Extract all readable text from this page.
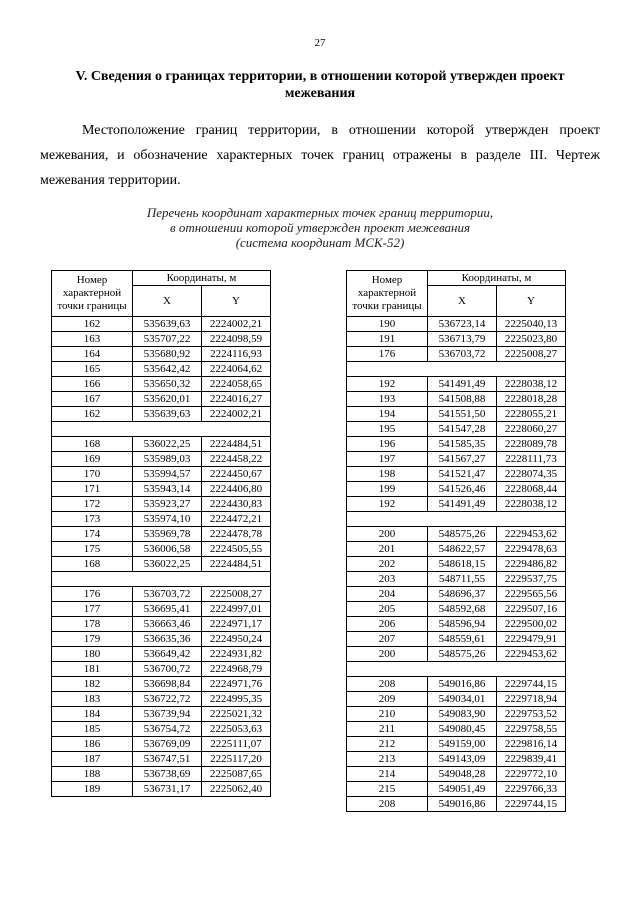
27
V. Сведения о границах территории, в отношении которой утвержден проект межевания
Местоположение границ территории, в отношении которой утвержден проект межевания, и обозначение характерных точек границ отражены в разделе III. Чертеж межевания территории.
Перечень координат характерных точек границ территории,
в отношении которой утвержден проект межевания
(система координат МСК-52)
Номер характерной точки границы	Координаты, м	
	X	Y
162	535639,63	2224002,21
163	535707,22	2224098,59
164	535680,92	2224116,93
165	535642,42	2224064,62
166	535650,32	2224058,65
167	535620,01	2224016,27
162	535639,63	2224002,21

168	536022,25	2224484,51
169	535989,03	2224458,22
170	535994,57	2224450,67
171	535943,14	2224406,80
172	535923,27	2224430,83
173	535974,10	2224472,21
174	535969,78	2224478,78
175	536006,58	2224505,55
168	536022,25	2224484,51

176	536703,72	2225008,27
177	536695,41	2224997,01
178	536663,46	2224971,17
179	536635,36	2224950,24
180	536649,42	2224931,82
181	536700,72	2224968,79
182	536698,84	2224971,76
183	536722,72	2224995,35
184	536739,94	2225021,32
185	536754,72	2225053,63
186	536769,09	2225111,07
187	536747,51	2225117,20
188	536738,69	2225087,65
189	536731,17	2225062,40
Номер характерной точки границы	Координаты, м	
	X	Y
190	536723,14	2225040,13
191	536713,79	2225023,80
176	536703,72	2225008,27

192	541491,49	2228038,12
193	541508,88	2228018,28
194	541551,50	2228055,21
195	541547,28	2228060,27
196	541585,35	2228089,78
197	541567,27	2228111,73
198	541521,47	2228074,35
199	541526,46	2228068,44
192	541491,49	2228038,12

200	548575,26	2229453,62
201	548622,57	2229478,63
202	548618,15	2229486,82
203	548711,55	2229537,75
204	548696,37	2229565,56
205	548592,68	2229507,16
206	548596,94	2229500,02
207	548559,61	2229479,91
200	548575,26	2229453,62

208	549016,86	2229744,15
209	549034,01	2229718,94
210	549083,90	2229753,52
211	549080,45	2229758,55
212	549159,00	2229816,14
213	549143,09	2229839,41
214	549048,28	2229772,10
215	549051,49	2229766,33
208	549016,86	2229744,15
